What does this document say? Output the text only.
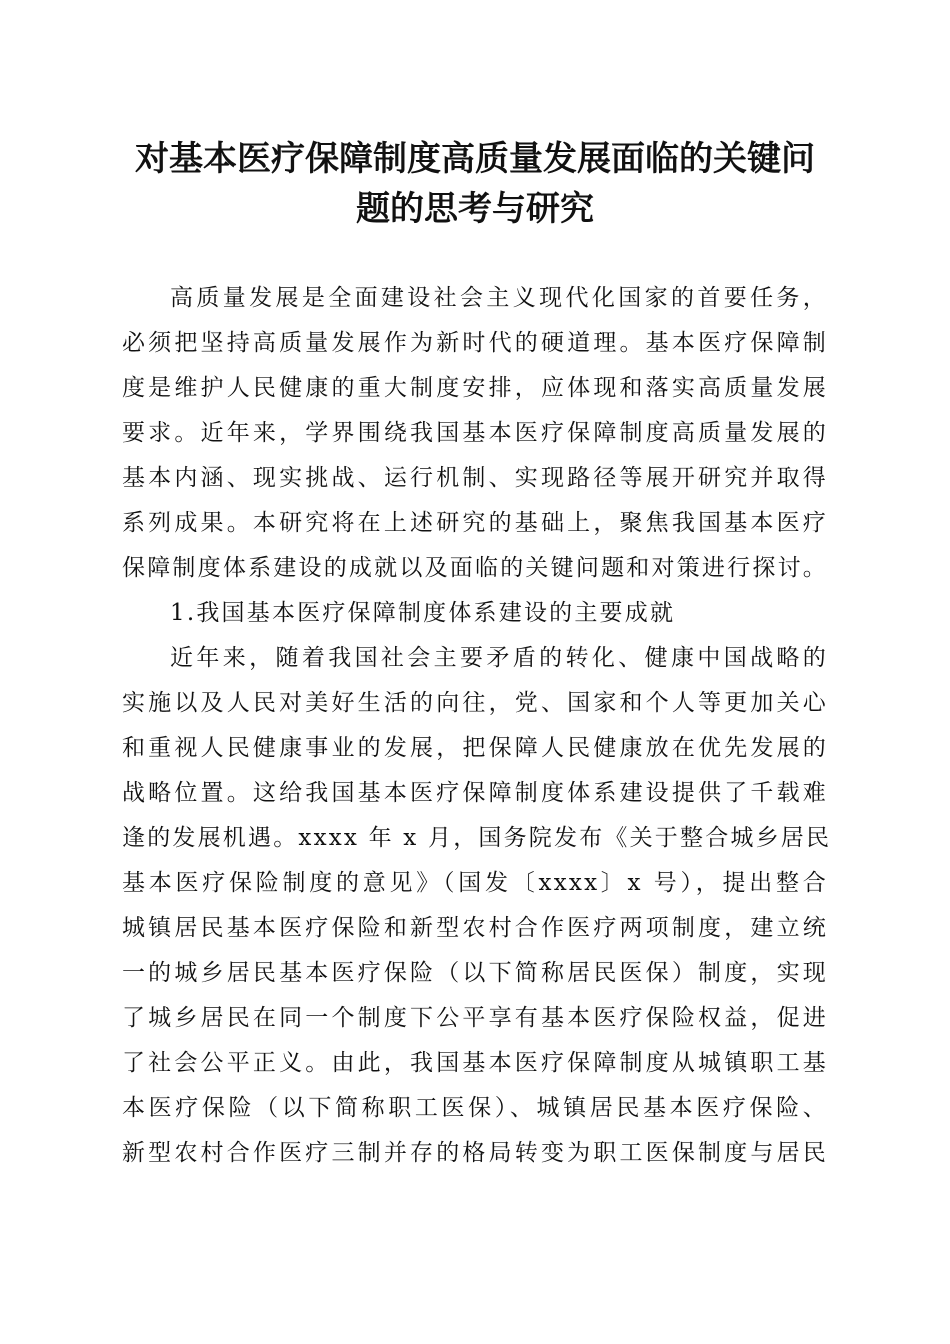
对基本医疗保障制度高质量发展面临的关键问
题的思考与研究

高质量发展是全面建设社会主义现代化国家的首要任务，
必须把坚持高质量发展作为新时代的硬道理。基本医疗保障制
度是维护人民健康的重大制度安排，应体现和落实高质量发展
要求。近年来，学界围绕我国基本医疗保障制度高质量发展的
基本内涵、现实挑战、运行机制、实现路径等展开研究并取得
系列成果。本研究将在上述研究的基础上，聚焦我国基本医疗
保障制度体系建设的成就以及面临的关键问题和对策进行探讨。

1.我国基本医疗保障制度体系建设的主要成就

近年来，随着我国社会主要矛盾的转化、健康中国战略的
实施以及人民对美好生活的向往，党、国家和个人等更加关心
和重视人民健康事业的发展，把保障人民健康放在优先发展的
战略位置。这给我国基本医疗保障制度体系建设提供了千载难
逢的发展机遇。xxxx 年 x 月，国务院发布《关于整合城乡居民
基本医疗保险制度的意见》（国发〔xxxx〕x 号），提出整合
城镇居民基本医疗保险和新型农村合作医疗两项制度，建立统
一的城乡居民基本医疗保险（以下简称居民医保）制度，实现
了城乡居民在同一个制度下公平享有基本医疗保险权益，促进
了社会公平正义。由此，我国基本医疗保障制度从城镇职工基
本医疗保险（以下简称职工医保）、城镇居民基本医疗保险、
新型农村合作医疗三制并存的格局转变为职工医保制度与居民
